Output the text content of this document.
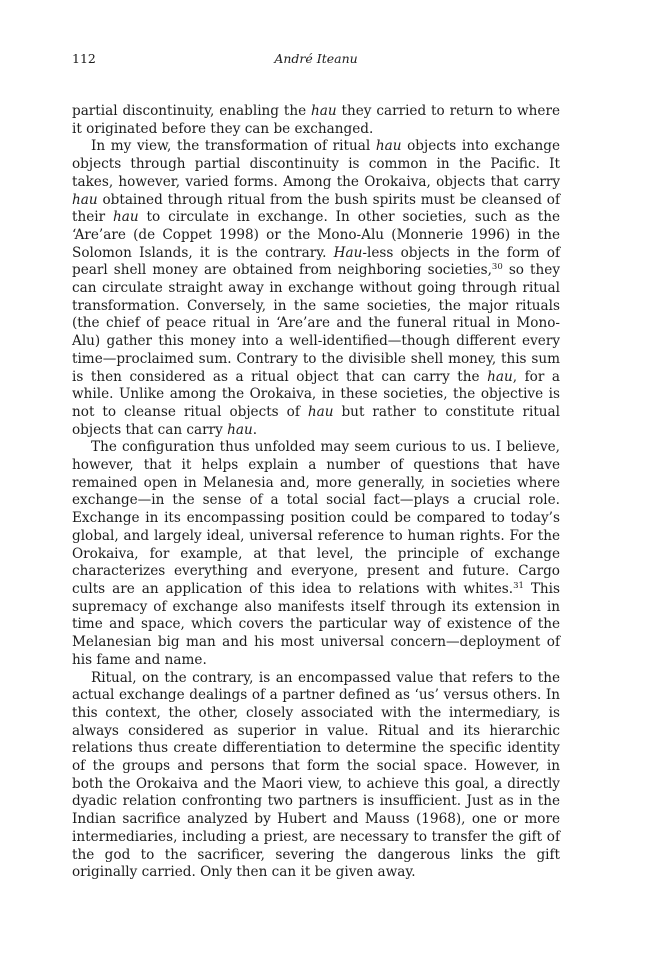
112	André Iteanu

partial discontinuity, enabling the hau they carried to return to where it originated before they can be exchanged.

In my view, the transformation of ritual hau objects into exchange objects through partial discontinuity is common in the Pacific. It takes, however, varied forms. Among the Orokaiva, objects that carry hau obtained through ritual from the bush spirits must be cleansed of their hau to circulate in exchange. In other societies, such as the ‘Are’are (de Coppet 1998) or the Mono-Alu (Monnerie 1996) in the Solomon Islands, it is the contrary. Hau-less objects in the form of pearl shell money are obtained from neighboring societies,$^{30}$ so they can circulate straight away in exchange without going through ritual transformation. Conversely, in the same societies, the major rituals (the chief of peace ritual in ‘Are’are and the funeral ritual in Mono-Alu) gather this money into a well-identified—though different every time—proclaimed sum. Contrary to the divisible shell money, this sum is then considered as a ritual object that can carry the hau, for a while. Unlike among the Orokaiva, in these societies, the objective is not to cleanse ritual objects of hau but rather to constitute ritual objects that can carry hau.

The configuration thus unfolded may seem curious to us. I believe, however, that it helps explain a number of questions that have remained open in Melanesia and, more generally, in societies where exchange—in the sense of a total social fact—plays a crucial role. Exchange in its encompassing position could be compared to today’s global, and largely ideal, universal reference to human rights. For the Orokaiva, for example, at that level, the principle of exchange characterizes everything and everyone, present and future. Cargo cults are an application of this idea to relations with whites.$^{31}$ This supremacy of exchange also manifests itself through its extension in time and space, which covers the particular way of existence of the Melanesian big man and his most universal concern—deployment of his fame and name.

Ritual, on the contrary, is an encompassed value that refers to the actual exchange dealings of a partner defined as ‘us’ versus others. In this context, the other, closely associated with the intermediary, is always considered as superior in value. Ritual and its hierarchic relations thus create differentiation to determine the specific identity of the groups and persons that form the social space. However, in both the Orokaiva and the Maori view, to achieve this goal, a directly dyadic relation confronting two partners is insufficient. Just as in the Indian sacrifice analyzed by Hubert and Mauss (1968), one or more intermediaries, including a priest, are necessary to transfer the gift of the god to the sacrificer, severing the dangerous links the gift originally carried. Only then can it be given away.
